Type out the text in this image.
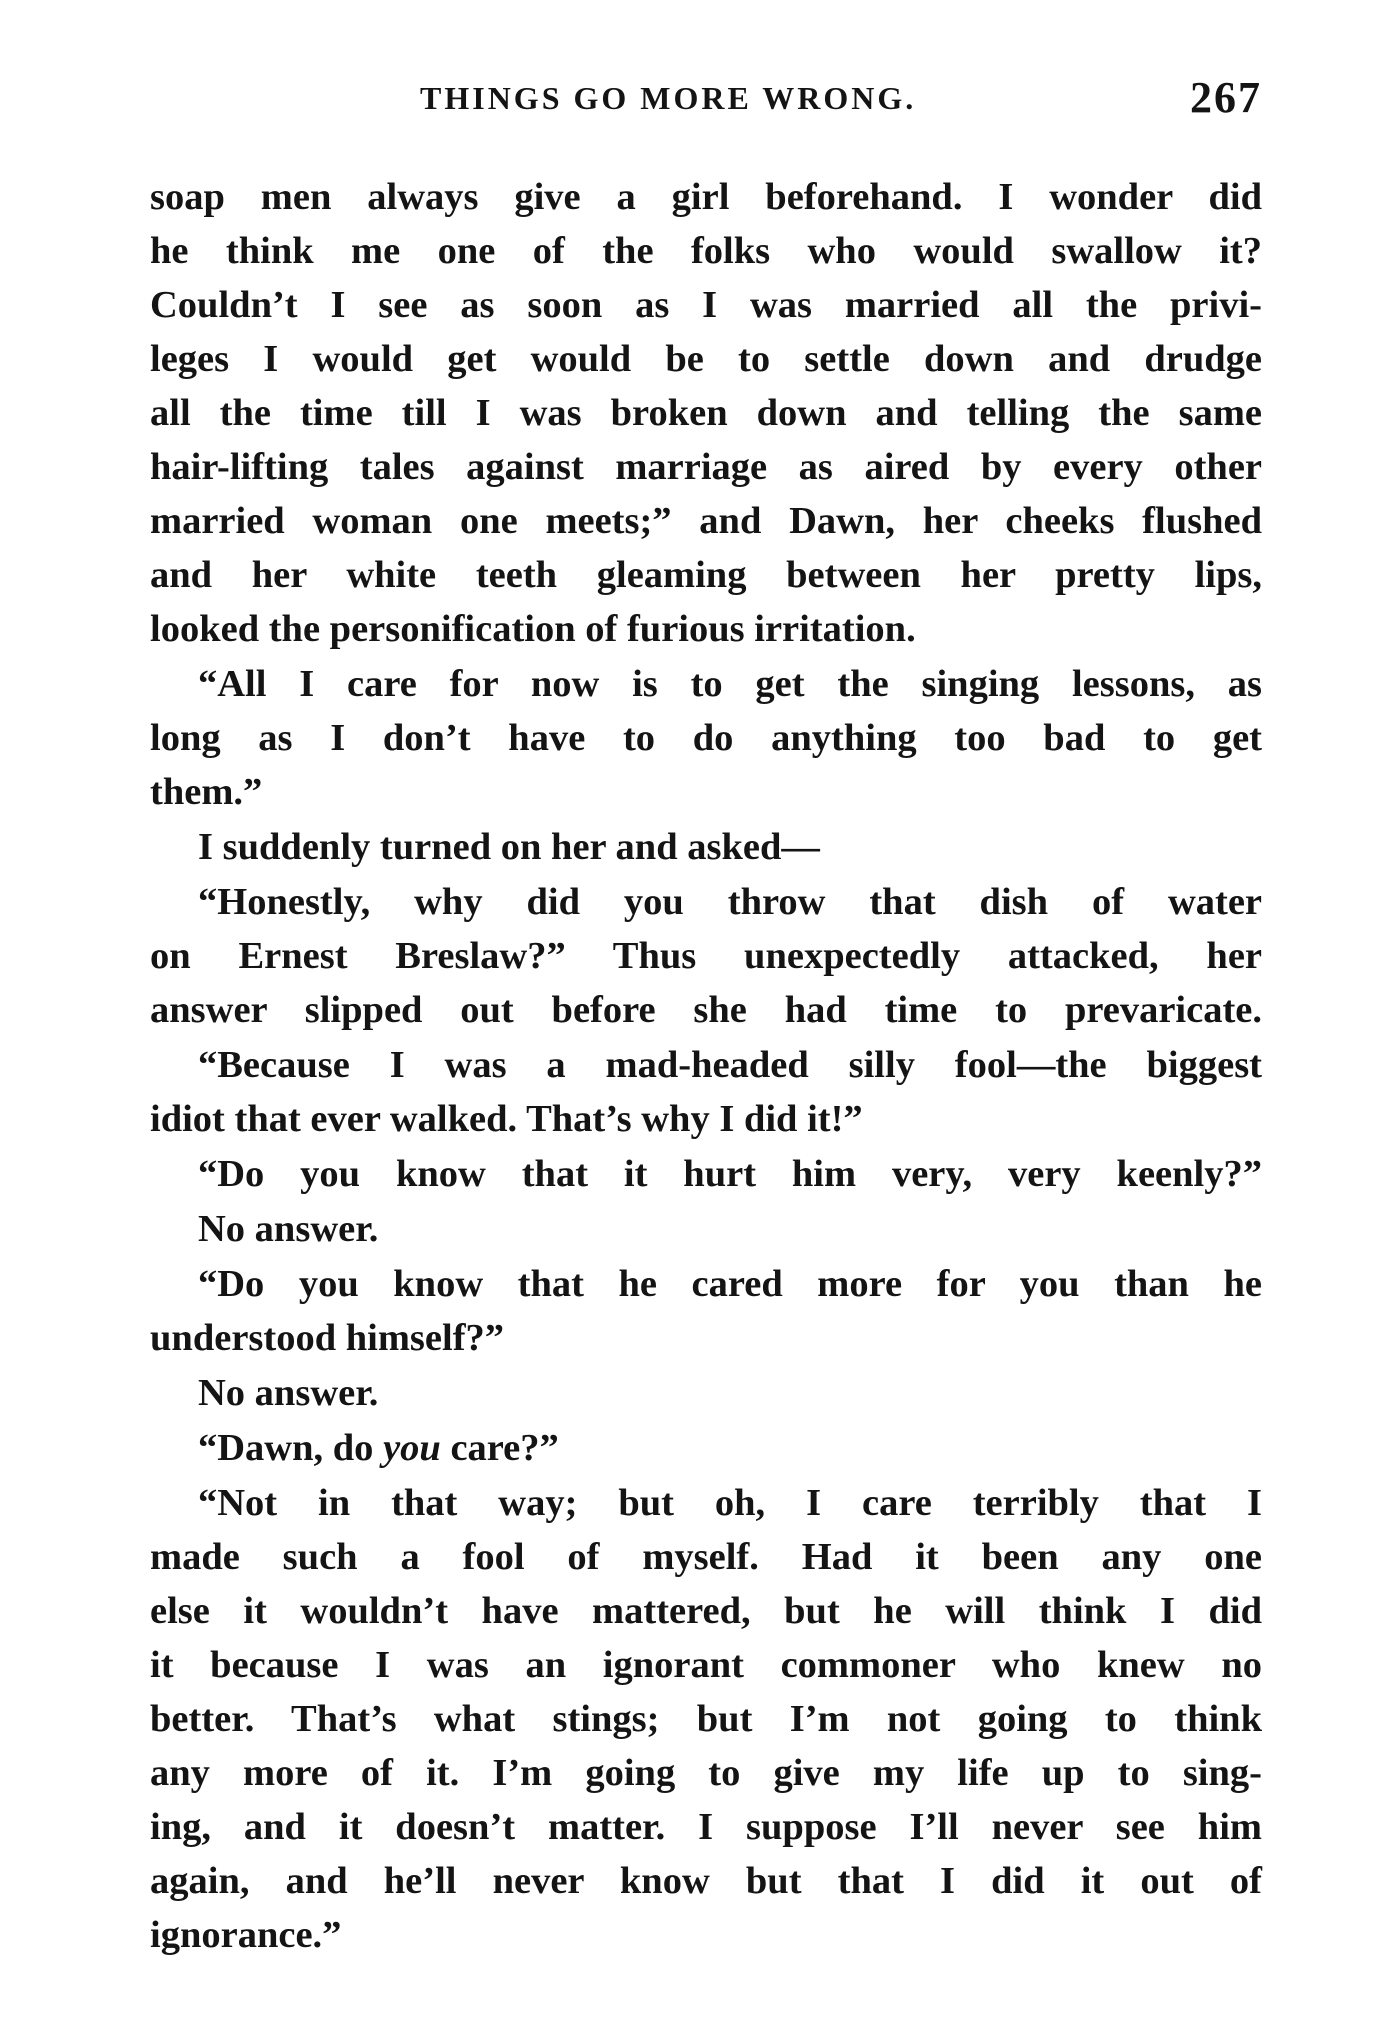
THINGS GO MORE WRONG.	267
soap men always give a girl beforehand. I wonder did
he think me one of the folks who would swallow it?
Couldn’t I see as soon as I was married all the privi-
leges I would get would be to settle down and drudge
all the time till I was broken down and telling the same
hair-lifting tales against marriage as aired by every other
married woman one meets;” and Dawn, her cheeks flushed
and her white teeth gleaming between her pretty lips,
looked the personification of furious irritation.
“All I care for now is to get the singing lessons, as
long as I don’t have to do anything too bad to get
them.”
I suddenly turned on her and asked—
“Honestly, why did you throw that dish of water
on Ernest Breslaw?” Thus unexpectedly attacked, her
answer slipped out before she had time to prevaricate.
“Because I was a mad-headed silly fool—the biggest
idiot that ever walked. That’s why I did it!”
“Do you know that it hurt him very, very keenly?”
No answer.
“Do you know that he cared more for you than he
understood himself?”
No answer.
“Dawn, do you care?”
“Not in that way; but oh, I care terribly that I
made such a fool of myself. Had it been any one
else it wouldn’t have mattered, but he will think I did
it because I was an ignorant commoner who knew no
better. That’s what stings; but I’m not going to think
any more of it. I’m going to give my life up to sing-
ing, and it doesn’t matter. I suppose I’ll never see him
again, and he’ll never know but that I did it out of
ignorance.”
